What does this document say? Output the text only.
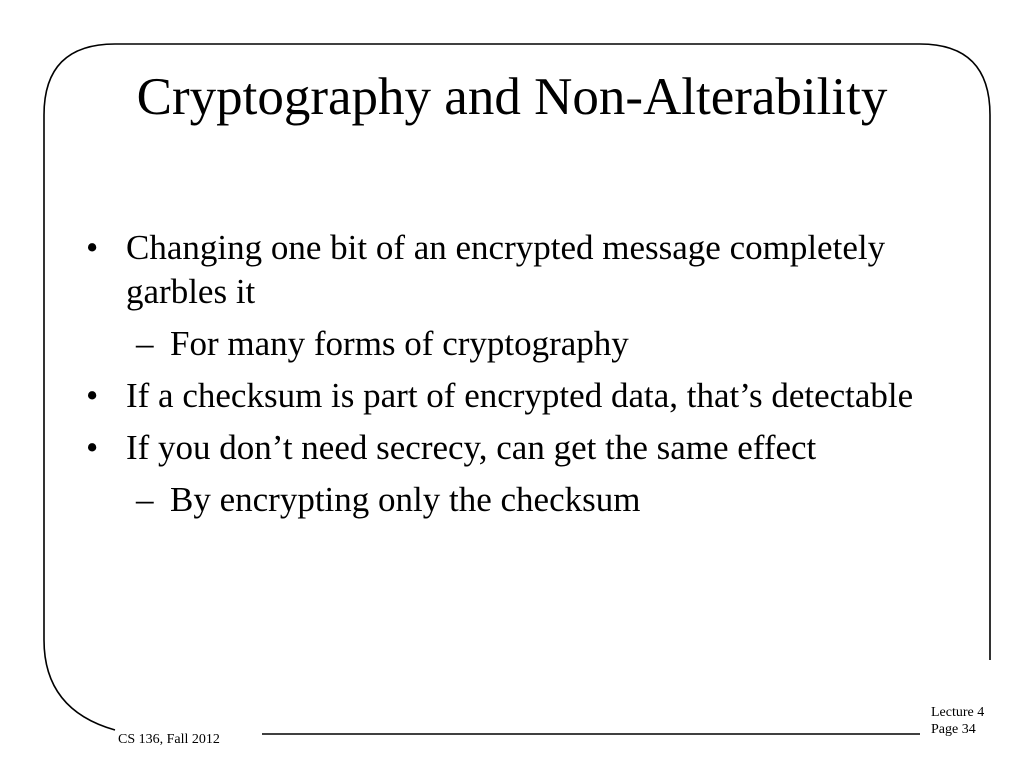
Cryptography and Non-Alterability
• Changing one bit of an encrypted message completely garbles it
– For many forms of cryptography
• If a checksum is part of encrypted data, that’s detectable
• If you don’t need secrecy, can get the same effect
– By encrypting only the checksum
CS 136, Fall 2012
Lecture 4
Page 34
